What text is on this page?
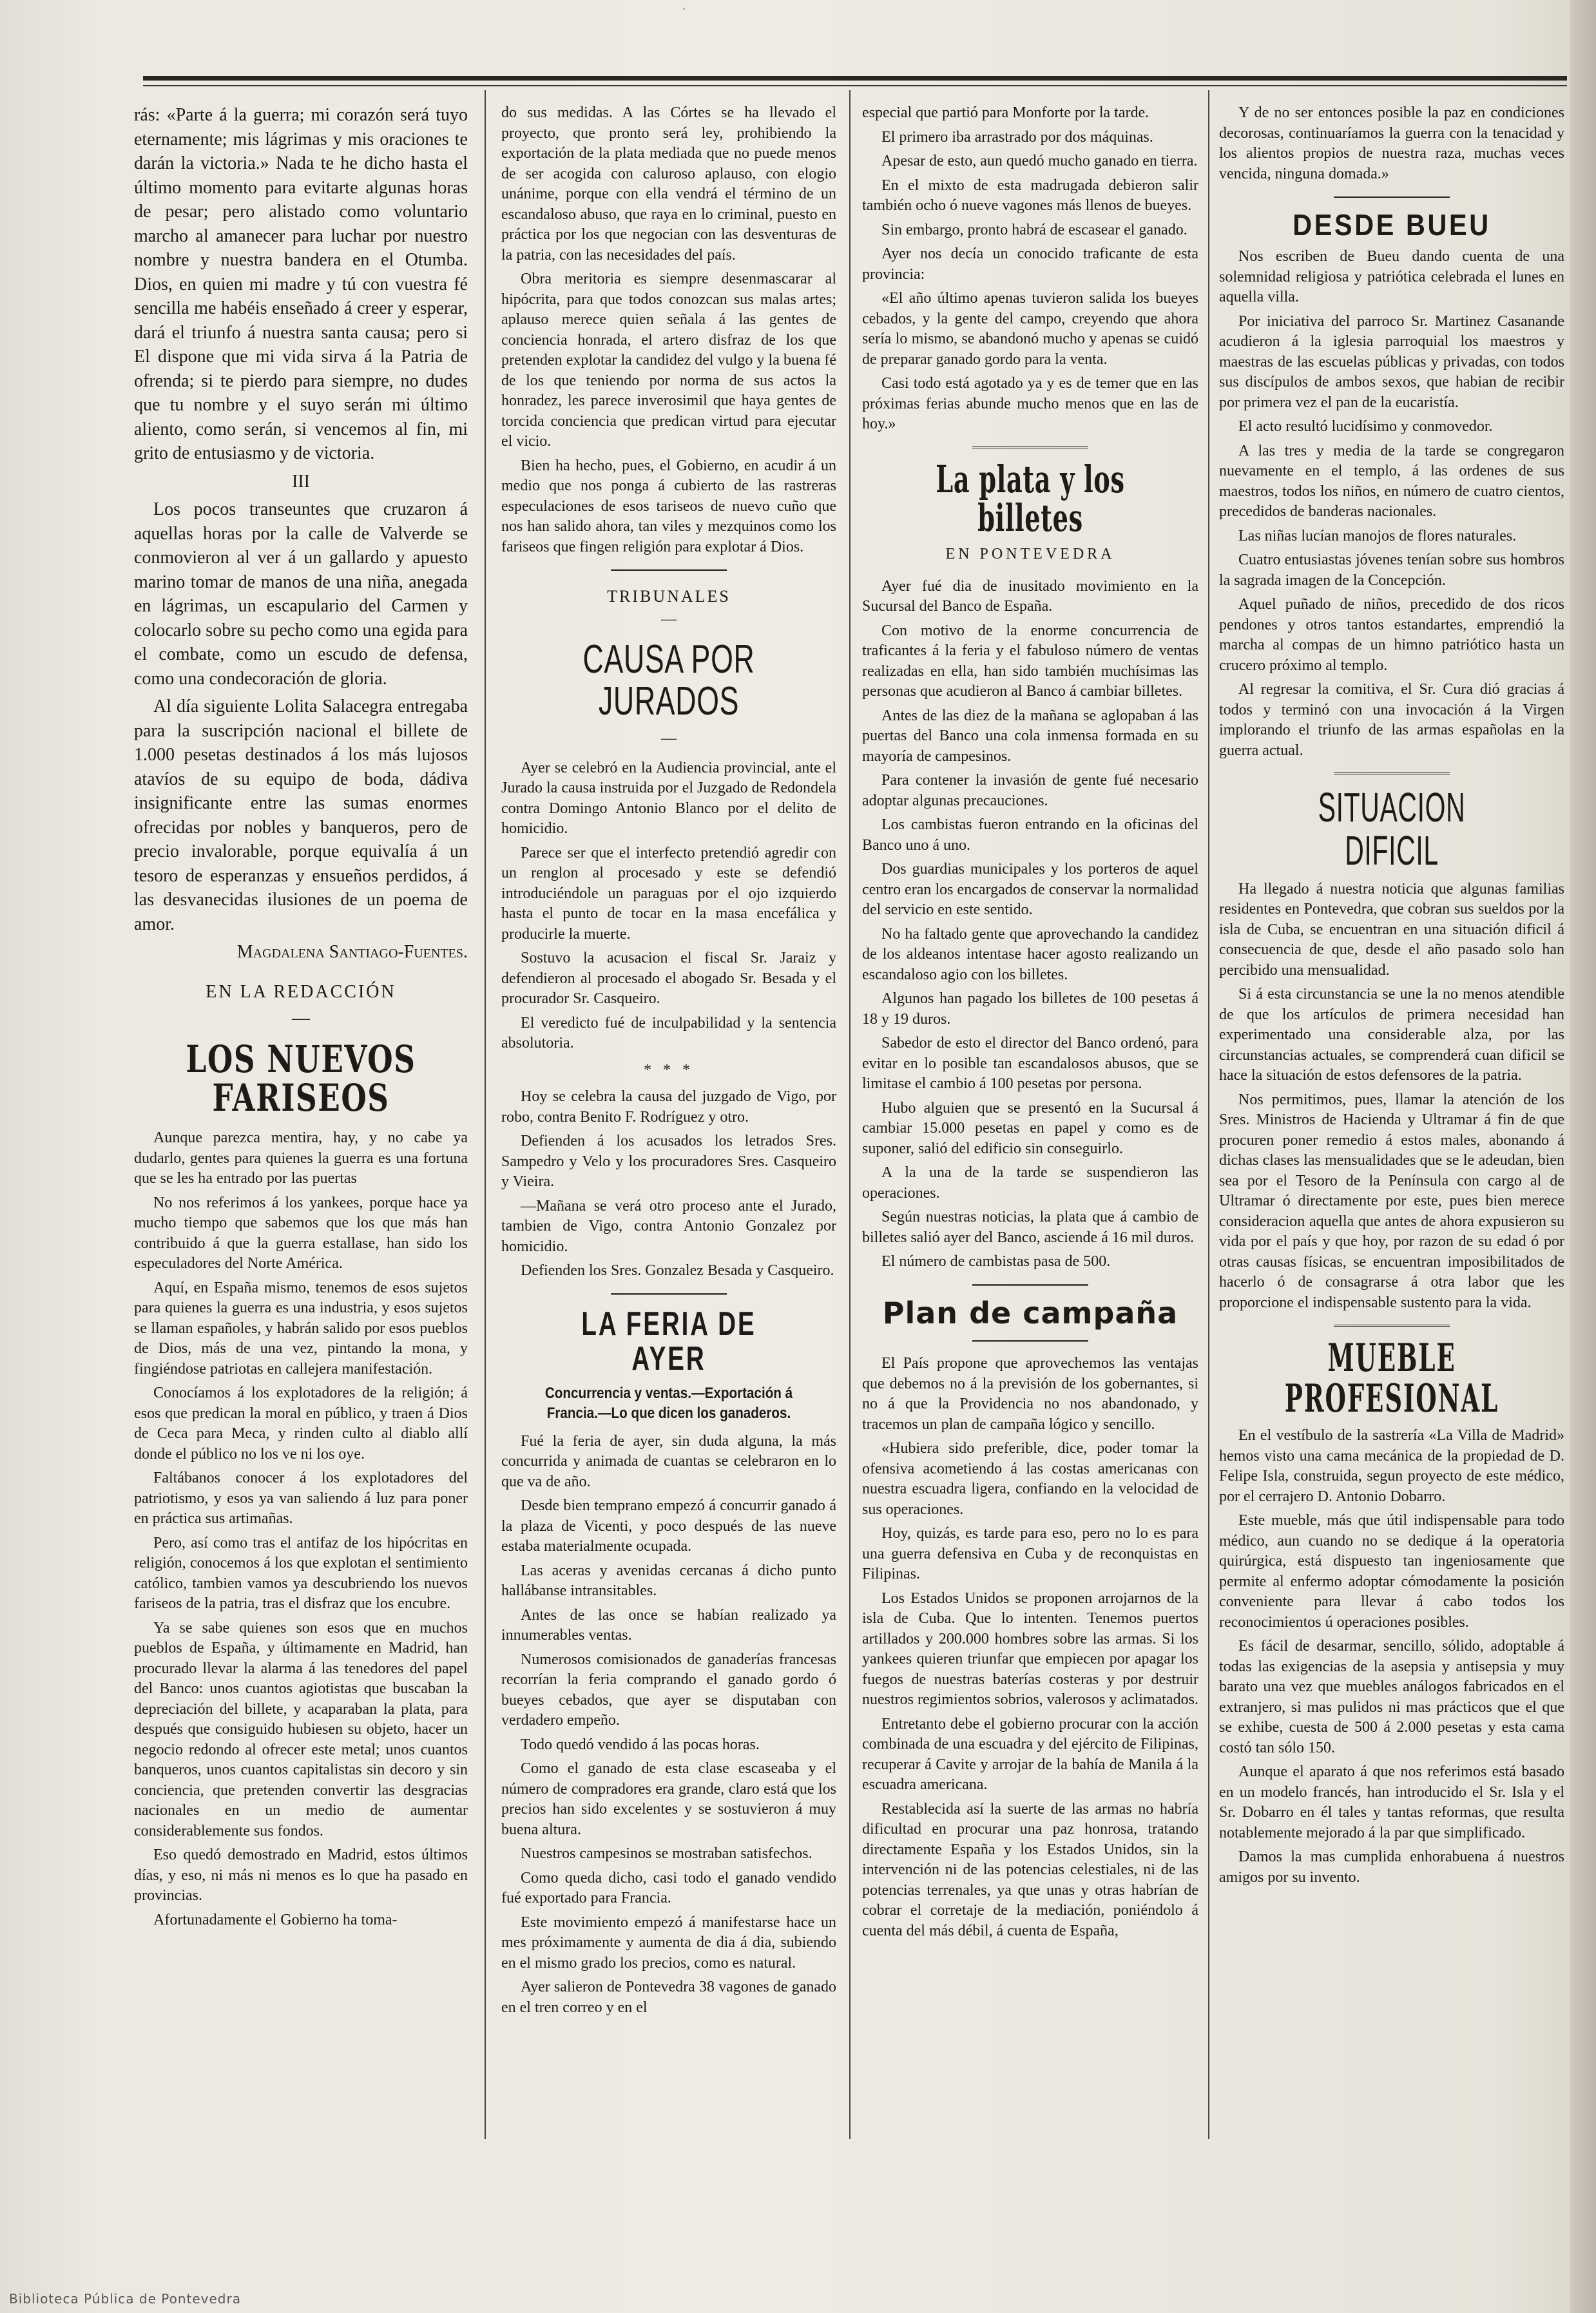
'

rás: «Parte á la guerra; mi corazón será tuyo eternamente; mis lágrimas y mis oraciones te darán la victoria.» Nada te he dicho hasta el último momento para evitarte algunas horas de pesar; pero alistado como voluntario marcho al amanecer para luchar por nuestro nombre y nuestra bandera en el Otumba. Dios, en quien mi madre y tú con vuestra fé sencilla me habéis enseñado á creer y esperar, dará el triunfo á nuestra santa causa; pero si El dispone que mi vida sirva á la Patria de ofrenda; si te pierdo para siempre, no dudes que tu nombre y el suyo serán mi último aliento, como serán, si vencemos al fin, mi grito de entusiasmo y de victoria.

III

Los pocos transeuntes que cruzaron á aquellas horas por la calle de Valverde se conmovieron al ver á un gallardo y apuesto marino tomar de manos de una niña, anegada en lágrimas, un escapulario del Carmen y colocarlo sobre su pecho como una egida para el combate, como un escudo de defensa, como una condecoración de gloria.

Al día siguiente Lolita Salacegra entregaba para la suscripción nacional el billete de 1.000 pesetas destinados á los más lujosos atavíos de su equipo de boda, dádiva insignificante entre las sumas enormes ofrecidas por nobles y banqueros, pero de precio invalorable, porque equivalía á un tesoro de esperanzas y ensueños perdidos, á las desvanecidas ilusiones de un poema de amor.

Magdalena Santiago-Fuentes.

EN LA REDACCIÓN

—

LOS NUEVOS FARISEOS

Aunque parezca mentira, hay, y no cabe ya dudarlo, gentes para quienes la guerra es una fortuna que se les ha entrado por las puertas

No nos referimos á los yankees, porque hace ya mucho tiempo que sabemos que los que más han contribuido á que la guerra estallase, han sido los especuladores del Norte América.

Aquí, en España mismo, tenemos de esos sujetos para quienes la guerra es una industria, y esos sujetos se llaman españoles, y habrán salido por esos pueblos de Dios, más de una vez, pintando la mona, y fingiéndose patriotas en callejera manifestación.

Conocíamos á los explotadores de la religión; á esos que predican la moral en público, y traen á Dios de Ceca para Meca, y rinden culto al diablo allí donde el público no los ve ni los oye.

Faltábanos conocer á los explotadores del patriotismo, y esos ya van saliendo á luz para poner en práctica sus artimañas.

Pero, así como tras el antifaz de los hipócritas en religión, conocemos á los que explotan el sentimiento católico, tambien vamos ya descubriendo los nuevos fariseos de la patria, tras el disfraz que los encubre.

Ya se sabe quienes son esos que en muchos pueblos de España, y últimamente en Madrid, han procurado llevar la alarma á las tenedores del papel del Banco: unos cuantos agiotistas que buscaban la depreciación del billete, y acaparaban la plata, para después que consiguido hubiesen su objeto, hacer un negocio redondo al ofrecer este metal; unos cuantos banqueros, unos cuantos capitalistas sin decoro y sin conciencia, que pretenden convertir las desgracias nacionales en un medio de aumentar considerablemente sus fondos.

Eso quedó demostrado en Madrid, estos últimos días, y eso, ni más ni menos es lo que ha pasado en provincias.

Afortunadamente el Gobierno ha toma-

do sus medidas. A las Córtes se ha llevado el proyecto, que pronto será ley, prohibiendo la exportación de la plata mediada que no puede menos de ser acogida con caluroso aplauso, con elogio unánime, porque con ella vendrá el término de un escandaloso abuso, que raya en lo criminal, puesto en práctica por los que negocian con las desventuras de la patria, con las necesidades del país.

Obra meritoria es siempre desenmascarar al hipócrita, para que todos conozcan sus malas artes; aplauso merece quien señala á las gentes de conciencia honrada, el artero disfraz de los que pretenden explotar la candidez del vulgo y la buena fé de los que teniendo por norma de sus actos la honradez, les parece inverosimil que haya gentes de torcida conciencia que predican virtud para ejecutar el vicio.

Bien ha hecho, pues, el Gobierno, en acudir á un medio que nos ponga á cubierto de las rastreras especulaciones de esos tariseos de nuevo cuño que nos han salido ahora, tan viles y mezquinos como los fariseos que fingen religión para explotar á Dios.

TRIBUNALES

—

CAUSA POR JURADOS

—

Ayer se celebró en la Audiencia provincial, ante el Jurado la causa instruida por el Juzgado de Redondela contra Domingo Antonio Blanco por el delito de homicidio.

Parece ser que el interfecto pretendió agredir con un renglon al procesado y este se defendió introduciéndole un paraguas por el ojo izquierdo hasta el punto de tocar en la masa encefálica y producirle la muerte.

Sostuvo la acusacion el fiscal Sr. Jaraiz y defendieron al procesado el abogado Sr. Besada y el procurador Sr. Casqueiro.

El veredicto fué de inculpabilidad y la sentencia absolutoria.

* * *

Hoy se celebra la causa del juzgado de Vigo, por robo, contra Benito F. Rodríguez y otro.

Defienden á los acusados los letrados Sres. Sampedro y Velo y los procuradores Sres. Casqueiro y Vieira.

—Mañana se verá otro proceso ante el Jurado, tambien de Vigo, contra Antonio Gonzalez por homicidio.

Defienden los Sres. Gonzalez Besada y Casqueiro.

LA FERIA DE AYER

Concurrencia y ventas.—Exportación á Francia.—Lo que dicen los ganaderos.

Fué la feria de ayer, sin duda alguna, la más concurrida y animada de cuantas se celebraron en lo que va de año.

Desde bien temprano empezó á concurrir ganado á la plaza de Vicenti, y poco después de las nueve estaba materialmente ocupada.

Las aceras y avenidas cercanas á dicho punto hallábanse intransitables.

Antes de las once se habían realizado ya innumerables ventas.

Numerosos comisionados de ganaderías francesas recorrían la feria comprando el ganado gordo ó bueyes cebados, que ayer se disputaban con verdadero empeño.

Todo quedó vendido á las pocas horas.

Como el ganado de esta clase escaseaba y el número de compradores era grande, claro está que los precios han sido excelentes y se sostuvieron á muy buena altura.

Nuestros campesinos se mostraban satisfechos.

Como queda dicho, casi todo el ganado vendido fué exportado para Francia.

Este movimiento empezó á manifestarse hace un mes próximamente y aumenta de dia á dia, subiendo en el mismo grado los precios, como es natural.

Ayer salieron de Pontevedra 38 vagones de ganado en el tren correo y en el

especial que partió para Monforte por la tarde.

El primero iba arrastrado por dos máquinas.

Apesar de esto, aun quedó mucho ganado en tierra.

En el mixto de esta madrugada debieron salir también ocho ó nueve vagones más llenos de bueyes.

Sin embargo, pronto habrá de escasear el ganado.

Ayer nos decía un conocido traficante de esta provincia:

«El año último apenas tuvieron salida los bueyes cebados, y la gente del campo, creyendo que ahora sería lo mismo, se abandonó mucho y apenas se cuidó de preparar ganado gordo para la venta.

Casi todo está agotado ya y es de temer que en las próximas ferias abunde mucho menos que en las de hoy.»

La plata y los billetes

EN PONTEVEDRA

Ayer fué dia de inusitado movimiento en la Sucursal del Banco de España.

Con motivo de la enorme concurrencia de traficantes á la feria y el fabuloso número de ventas realizadas en ella, han sido también muchísimas las personas que acudieron al Banco á cambiar billetes.

Antes de las diez de la mañana se aglopaban á las puertas del Banco una cola inmensa formada en su mayoría de campesinos.

Para contener la invasión de gente fué necesario adoptar algunas precauciones.

Los cambistas fueron entrando en la oficinas del Banco uno á uno.

Dos guardias municipales y los porteros de aquel centro eran los encargados de conservar la normalidad del servicio en este sentido.

No ha faltado gente que aprovechando la candidez de los aldeanos intentase hacer agosto realizando un escandaloso agio con los billetes.

Algunos han pagado los billetes de 100 pesetas á 18 y 19 duros.

Sabedor de esto el director del Banco ordenó, para evitar en lo posible tan escandalosos abusos, que se limitase el cambio á 100 pesetas por persona.

Hubo alguien que se presentó en la Sucursal á cambiar 15.000 pesetas en papel y como es de suponer, salió del edificio sin conseguirlo.

A la una de la tarde se suspendieron las operaciones.

Según nuestras noticias, la plata que á cambio de billetes salió ayer del Banco, asciende á 16 mil duros.

El número de cambistas pasa de 500.

Plan de campaña

El País propone que aprovechemos las ventajas que debemos no á la previsión de los gobernantes, si no á que la Providencia no nos abandonado, y tracemos un plan de campaña lógico y sencillo.

«Hubiera sido preferible, dice, poder tomar la ofensiva acometiendo á las costas americanas con nuestra escuadra ligera, confiando en la velocidad de sus operaciones.

Hoy, quizás, es tarde para eso, pero no lo es para una guerra defensiva en Cuba y de reconquistas en Filipinas.

Los Estados Unidos se proponen arrojarnos de la isla de Cuba. Que lo intenten. Tenemos puertos artillados y 200.000 hombres sobre las armas. Si los yankees quieren triunfar que empiecen por apagar los fuegos de nuestras baterías costeras y por destruir nuestros regimientos sobrios, valerosos y aclimatados.

Entretanto debe el gobierno procurar con la acción combinada de una escuadra y del ejército de Filipinas, recuperar á Cavite y arrojar de la bahía de Manila á la escuadra americana.

Restablecida así la suerte de las armas no habría dificultad en procurar una paz honrosa, tratando directamente España y los Estados Unidos, sin la intervención ni de las potencias celestiales, ni de las potencias terrenales, ya que unas y otras habrían de cobrar el corretaje de la mediación, poniéndolo á cuenta del más débil, á cuenta de España,

Y de no ser entonces posible la paz en condiciones decorosas, continuaríamos la guerra con la tenacidad y los alientos propios de nuestra raza, muchas veces vencida, ninguna domada.»

DESDE BUEU

Nos escriben de Bueu dando cuenta de una solemnidad religiosa y patriótica celebrada el lunes en aquella villa.

Por iniciativa del parroco Sr. Martinez Casanande acudieron á la iglesia parroquial los maestros y maestras de las escuelas públicas y privadas, con todos sus discípulos de ambos sexos, que habian de recibir por primera vez el pan de la eucaristía.

El acto resultó lucidísimo y conmovedor.

A las tres y media de la tarde se congregaron nuevamente en el templo, á las ordenes de sus maestros, todos los niños, en número de cuatro cientos, precedidos de banderas nacionales.

Las niñas lucían manojos de flores naturales.

Cuatro entusiastas jóvenes tenían sobre sus hombros la sagrada imagen de la Concepción.

Aquel puñado de niños, precedido de dos ricos pendones y otros tantos estandartes, emprendió la marcha al compas de un himno patriótico hasta un crucero próximo al templo.

Al regresar la comitiva, el Sr. Cura dió gracias á todos y terminó con una invocación á la Virgen implorando el triunfo de las armas españolas en la guerra actual.

SITUACION DIFICIL

Ha llegado á nuestra noticia que algunas familias residentes en Pontevedra, que cobran sus sueldos por la isla de Cuba, se encuentran en una situación dificil á consecuencia de que, desde el año pasado solo han percibido una mensualidad.

Si á esta circunstancia se une la no menos atendible de que los artículos de primera necesidad han experimentado una considerable alza, por las circunstancias actuales, se comprenderá cuan dificil se hace la situación de estos defensores de la patria.

Nos permitimos, pues, llamar la atención de los Sres. Ministros de Hacienda y Ultramar á fin de que procuren poner remedio á estos males, abonando á dichas clases las mensualidades que se le adeudan, bien sea por el Tesoro de la Península con cargo al de Ultramar ó directamente por este, pues bien merece consideracion aquella que antes de ahora expusieron su vida por el país y que hoy, por razon de su edad ó por otras causas físicas, se encuentran imposibilitados de hacerlo ó de consagrarse á otra labor que les proporcione el indispensable sustento para la vida.

MUEBLE PROFESIONAL

En el vestíbulo de la sastrería «La Villa de Madrid» hemos visto una cama mecánica de la propiedad de D. Felipe Isla, construida, segun proyecto de este médico, por el cerrajero D. Antonio Dobarro.

Este mueble, más que útil indispensable para todo médico, aun cuando no se dedique á la operatoria quirúrgica, está dispuesto tan ingeniosamente que permite al enfermo adoptar cómodamente la posición conveniente para llevar á cabo todos los reconocimientos ú operaciones posibles.

Es fácil de desarmar, sencillo, sólido, adoptable á todas las exigencias de la asepsia y antisepsia y muy barato una vez que muebles análogos fabricados en el extranjero, si mas pulidos ni mas prácticos que el que se exhibe, cuesta de 500 á 2.000 pesetas y esta cama costó tan sólo 150.

Aunque el aparato á que nos referimos está basado en un modelo francés, han introducido el Sr. Isla y el Sr. Dobarro en él tales y tantas reformas, que resulta notablemente mejorado á la par que simplificado.

Damos la mas cumplida enhorabuena á nuestros amigos por su invento.

Biblioteca Pública de Pontevedra
